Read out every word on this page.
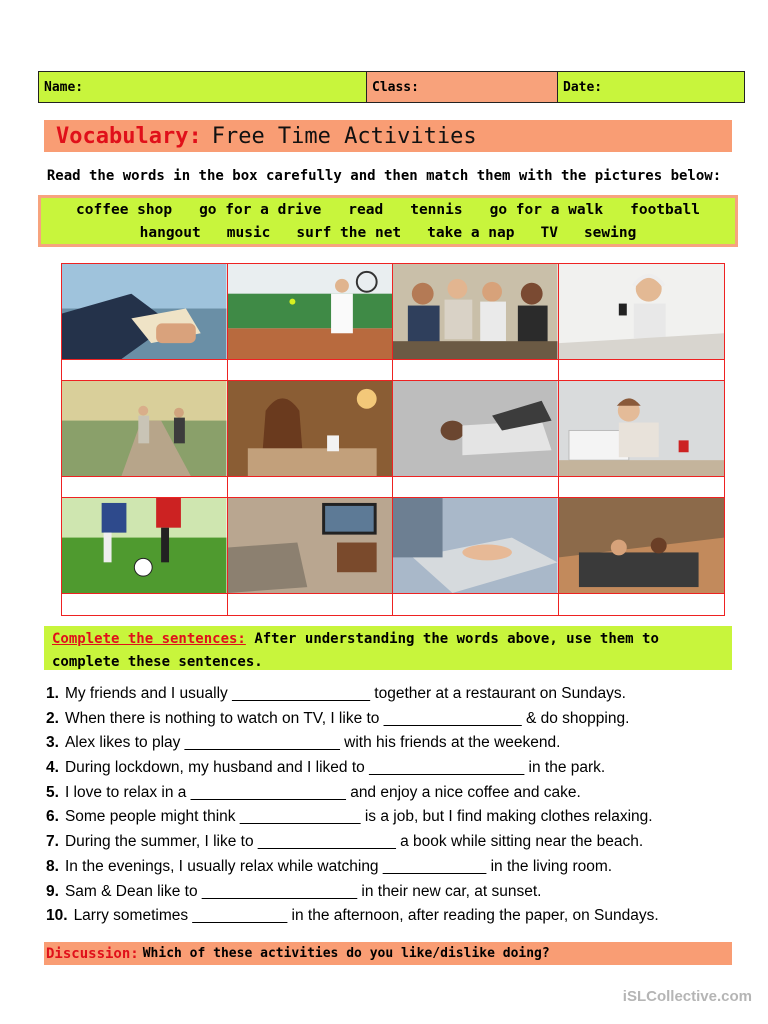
Name:	Class:	Date:
Vocabulary: Free Time Activities
Read the words in the box carefully and then match them with the pictures below:
coffee shop go for a drive read tennis go for a walk football
hangout music surf the net take a nap TV sewing
Complete the sentences: After understanding the words above, use them to
complete these sentences.
1. My friends and I usually ________________ together at a restaurant on Sundays.
2. When there is nothing to watch on TV, I like to ________________ & do shopping.
3. Alex likes to play __________________ with his friends at the weekend.
4. During lockdown, my husband and I liked to __________________ in the park.
5. I love to relax in a __________________ and enjoy a nice coffee and cake.
6. Some people might think ______________ is a job, but I find making clothes relaxing.
7. During the summer, I like to ________________ a book while sitting near the beach.
8. In the evenings, I usually relax while watching ____________ in the living room.
9. Sam & Dean like to __________________ in their new car, at sunset.
10. Larry sometimes ___________ in the afternoon, after reading the paper, on Sundays.
Discussion: Which of these activities do you like/dislike doing?
iSLCollective.com
